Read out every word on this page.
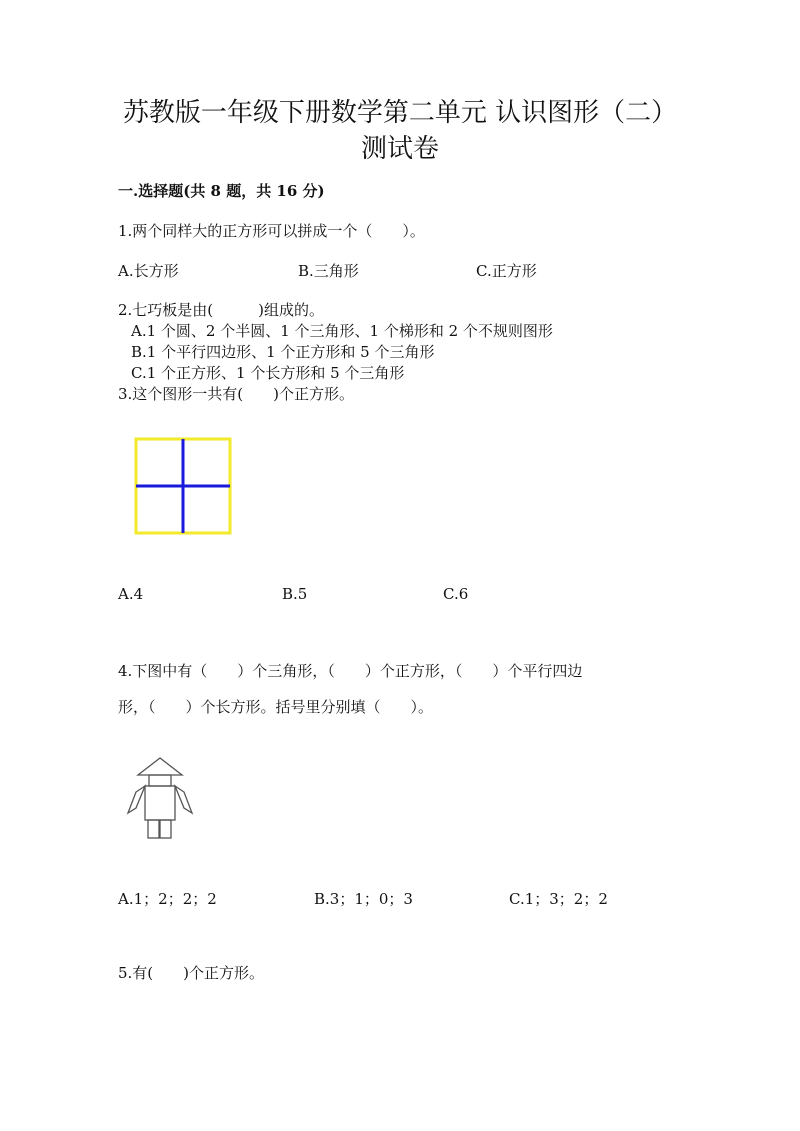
苏教版一年级下册数学第二单元 认识图形（二）
测试卷
一.选择题(共 8 题，共 16 分)
1.两个同样大的正方形可以拼成一个（　　）。
A.长方形	B.三角形	C.正方形
2.七巧板是由(　　　)组成的。
A.1 个圆、2 个半圆、1 个三角形、1 个梯形和 2 个不规则图形
B.1 个平行四边形、1 个正方形和 5 个三角形
C.1 个正方形、1 个长方形和 5 个三角形
3.这个图形一共有(　　)个正方形。
A.4	B.5	C.6
4.下图中有（　　）个三角形，（　　）个正方形，（　　）个平行四边
形，（　　）个长方形。括号里分别填（　　）。
A.1；2；2；2	B.3；1；0；3	C.1；3；2；2
5.有(　　)个正方形。
